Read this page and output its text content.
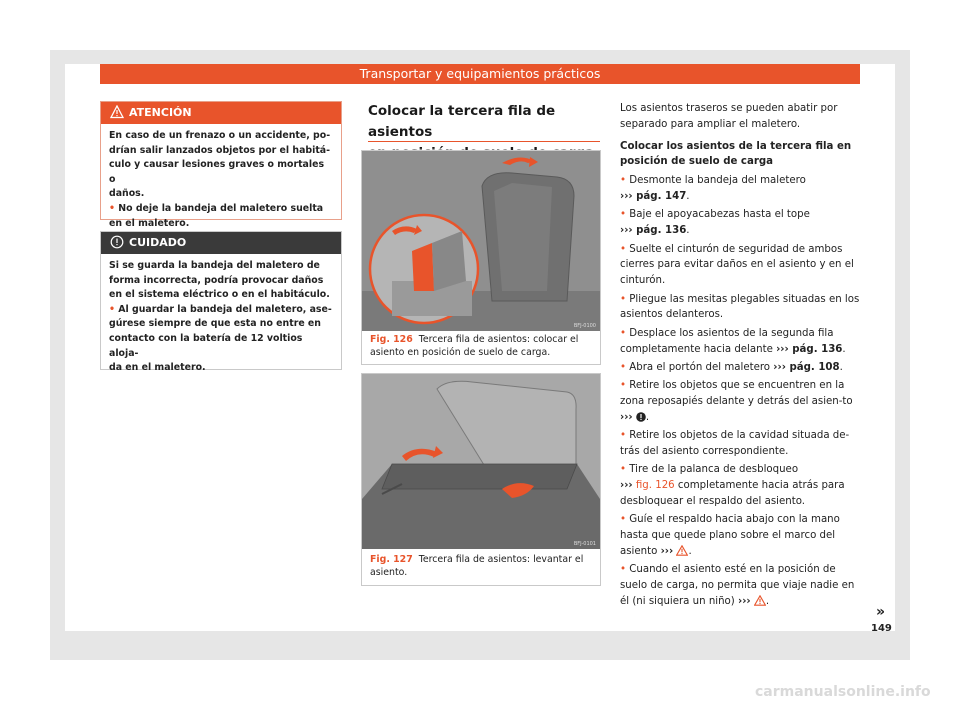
Transportar y equipamientos prácticos
ATENCIÓN
En caso de un frenazo o un accidente, po-
drían salir lanzados objetos por el habitá-
culo y causar lesiones graves o mortales o
daños.
• No deje la bandeja del maletero suelta
en el maletero.
CUIDADO
Si se guarda la bandeja del maletero de
forma incorrecta, podría provocar daños
en el sistema eléctrico o en el habitáculo.
• Al guardar la bandeja del maletero, ase-
gúrese siempre de que esta no entre en
contacto con la batería de 12 voltios aloja-
da en el maletero.
Colocar la tercera fila de asientos
BFJ-0100
Fig. 126 Tercera fila de asientos: colocar el asiento en posición de suelo de carga.
BFJ-0101
Fig. 127 Tercera fila de asientos: levantar el asiento.

Los asientos traseros se pueden abatir por separado para ampliar el maletero.

Colocar los asientos de la tercera fila en posición de suelo de carga

• Desmonte la bandeja del maletero
››› pág. 147.

• Baje el apoyacabezas hasta el tope
››› pág. 136.

• Suelte el cinturón de seguridad de ambos cierres para evitar daños en el asiento y en el cinturón.

• Pliegue las mesitas plegables situadas en los asientos delanteros.

• Desplace los asientos de la segunda fila completamente hacia delante ››› pág. 136.

• Abra el portón del maletero ››› pág. 108.

• Retire los objetos que se encuentren en la zona reposapiés delante y detrás del asien-to ››› .

• Retire los objetos de la cavidad situada de-trás del asiento correspondiente.

• Tire de la palanca de desbloqueo
››› fig. 126 completamente hacia atrás para desbloquear el respaldo del asiento.

• Guíe el respaldo hacia abajo con la mano hasta que quede plano sobre el marco del asiento ››› .

• Cuando el asiento esté en la posición de suelo de carga, no permita que viaje nadie en él (ni siquiera un niño) ››› .

»
149
carmanualsonline.info
